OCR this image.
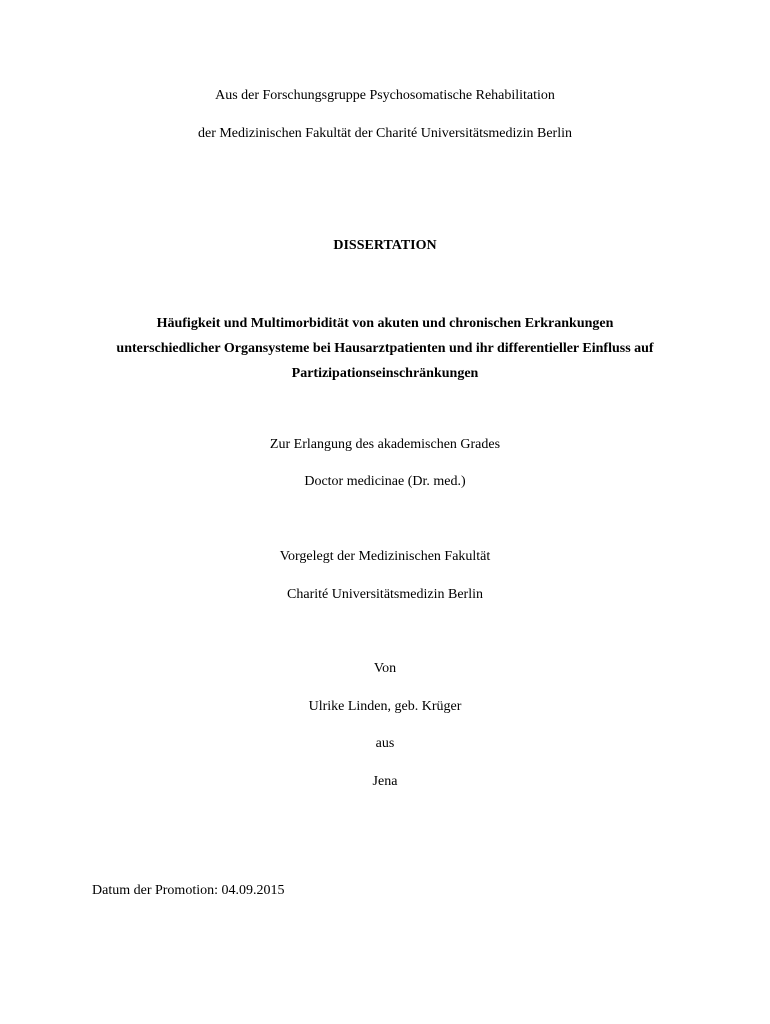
Aus der Forschungsgruppe Psychosomatische Rehabilitation
der Medizinischen Fakultät der Charité Universitätsmedizin Berlin
DISSERTATION
Häufigkeit und Multimorbidität von akuten und chronischen Erkrankungen
unterschiedlicher Organsysteme bei Hausarztpatienten und ihr differentieller Einfluss auf
Partizipationseinschränkungen
Zur Erlangung des akademischen Grades
Doctor medicinae (Dr. med.)
Vorgelegt der Medizinischen Fakultät
Charité Universitätsmedizin Berlin
Von
Ulrike Linden, geb. Krüger
aus
Jena
Datum der Promotion: 04.09.2015
